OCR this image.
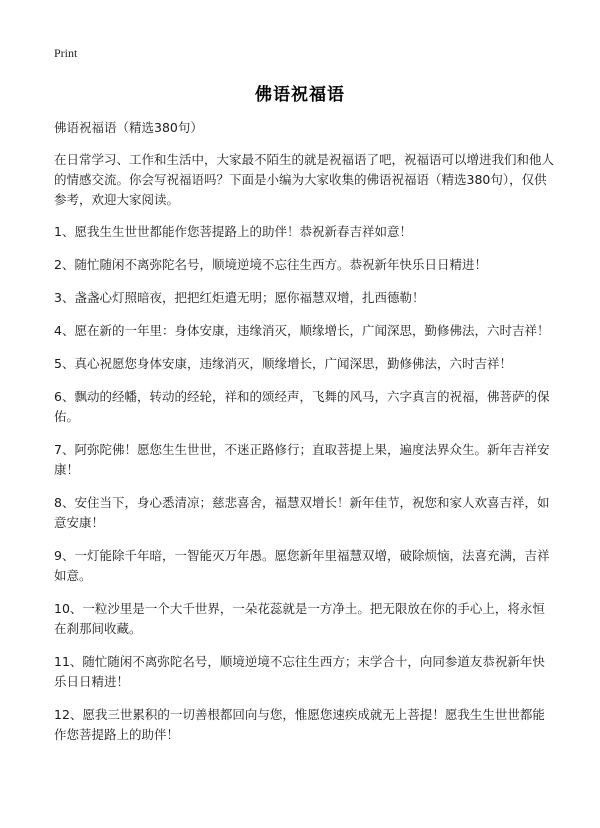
Print
佛语祝福语

佛语祝福语（精选380句）

在日常学习、工作和生活中，大家最不陌生的就是祝福语了吧，祝福语可以增进我们和他人的情感交流。你会写祝福语吗？下面是小编为大家收集的佛语祝福语（精选380句），仅供参考，欢迎大家阅读。

1、愿我生生世世都能作您菩提路上的助伴！恭祝新春吉祥如意！
2、随忙随闲不离弥陀名号，顺境逆境不忘往生西方。恭祝新年快乐日日精进！
3、盏盏心灯照暗夜，把把红炬遣无明；愿你福慧双增，扎西德勒！
4、愿在新的一年里：身体安康，违缘消灭，顺缘增长，广闻深思，勤修佛法，六时吉祥！
5、真心祝愿您身体安康，违缘消灭，顺缘增长，广闻深思，勤修佛法，六时吉祥！
6、飘动的经幡，转动的经轮，祥和的颂经声，飞舞的风马，六字真言的祝福，佛菩萨的保佑。
7、阿弥陀佛！愿您生生世世，不迷正路修行；直取菩提上果，遍度法界众生。新年吉祥安康！
8、安住当下，身心悉清凉；慈悲喜舍，福慧双增长！新年佳节，祝您和家人欢喜吉祥，如意安康！
9、一灯能除千年暗，一智能灭万年愚。愿您新年里福慧双增，破除烦恼，法喜充满，吉祥如意。
10、一粒沙里是一个大千世界，一朵花蕊就是一方净土。把无限放在你的手心上，将永恒在刹那间收藏。
11、随忙随闲不离弥陀名号，顺境逆境不忘往生西方；末学合十，向同参道友恭祝新年快乐日日精进！
12、愿我三世累积的一切善根都回向与您，惟愿您速疾成就无上菩提！愿我生生世世都能作您菩提路上的助伴！
